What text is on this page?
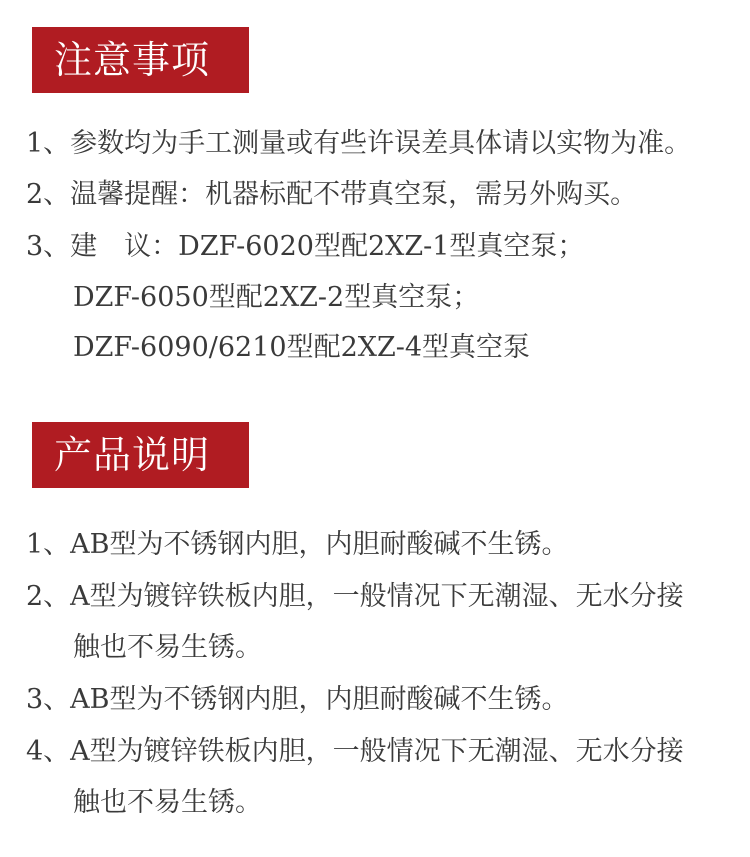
注意事项
1、参数均为手工测量或有些许误差具体请以实物为准。
2、温馨提醒：机器标配不带真空泵，需另外购买。
3、建　议：DZF-6020型配2XZ-1型真空泵；
DZF-6050型配2XZ-2型真空泵；
DZF-6090/6210型配2XZ-4型真空泵
产品说明
1、AB型为不锈钢内胆，内胆耐酸碱不生锈。
2、A型为镀锌铁板内胆，一般情况下无潮湿、无水分接
触也不易生锈。
3、AB型为不锈钢内胆，内胆耐酸碱不生锈。
4、A型为镀锌铁板内胆，一般情况下无潮湿、无水分接
触也不易生锈。
